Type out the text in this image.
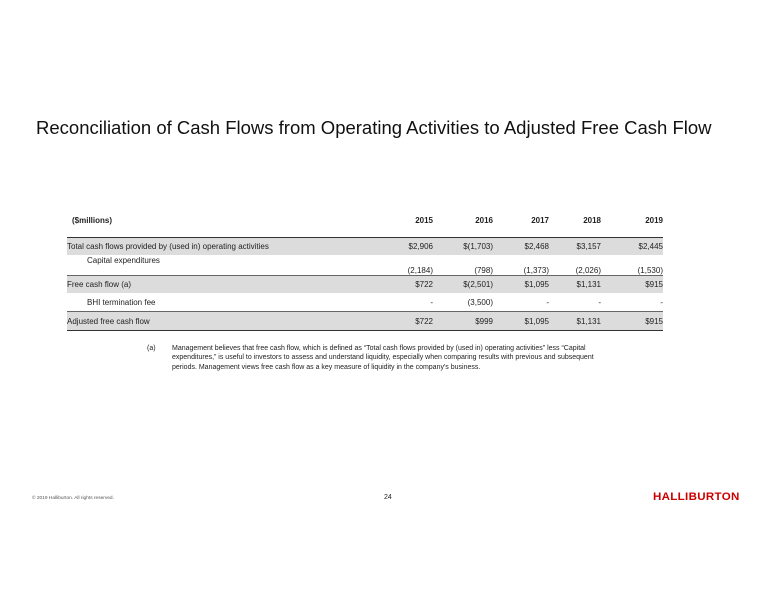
Reconciliation of Cash Flows from Operating Activities to Adjusted Free Cash Flow
($millions)	2015	2016	2017	2018	2019

Total cash flows provided by (used in) operating activities	$2,906	$(1,703)	$2,468	$3,157	$2,445
Capital expenditures	(2,184)	(798)	(1,373)	(2,026)	(1,530)
Free cash flow (a)	$722	$(2,501)	$1,095	$1,131	$915
BHI termination fee	-	(3,500)	-	-	-
Adjusted free cash flow	$722	$999	$1,095	$1,131	$915
(a) Management believes that free cash flow, which is defined as “Total cash flows provided by (used in) operating activities” less “Capital expenditures,” is useful to investors to assess and understand liquidity, especially when comparing results with previous and subsequent periods. Management views free cash flow as a key measure of liquidity in the company's business.
© 2019 Halliburton. All rights reserved.	24	HALLIBURTON
